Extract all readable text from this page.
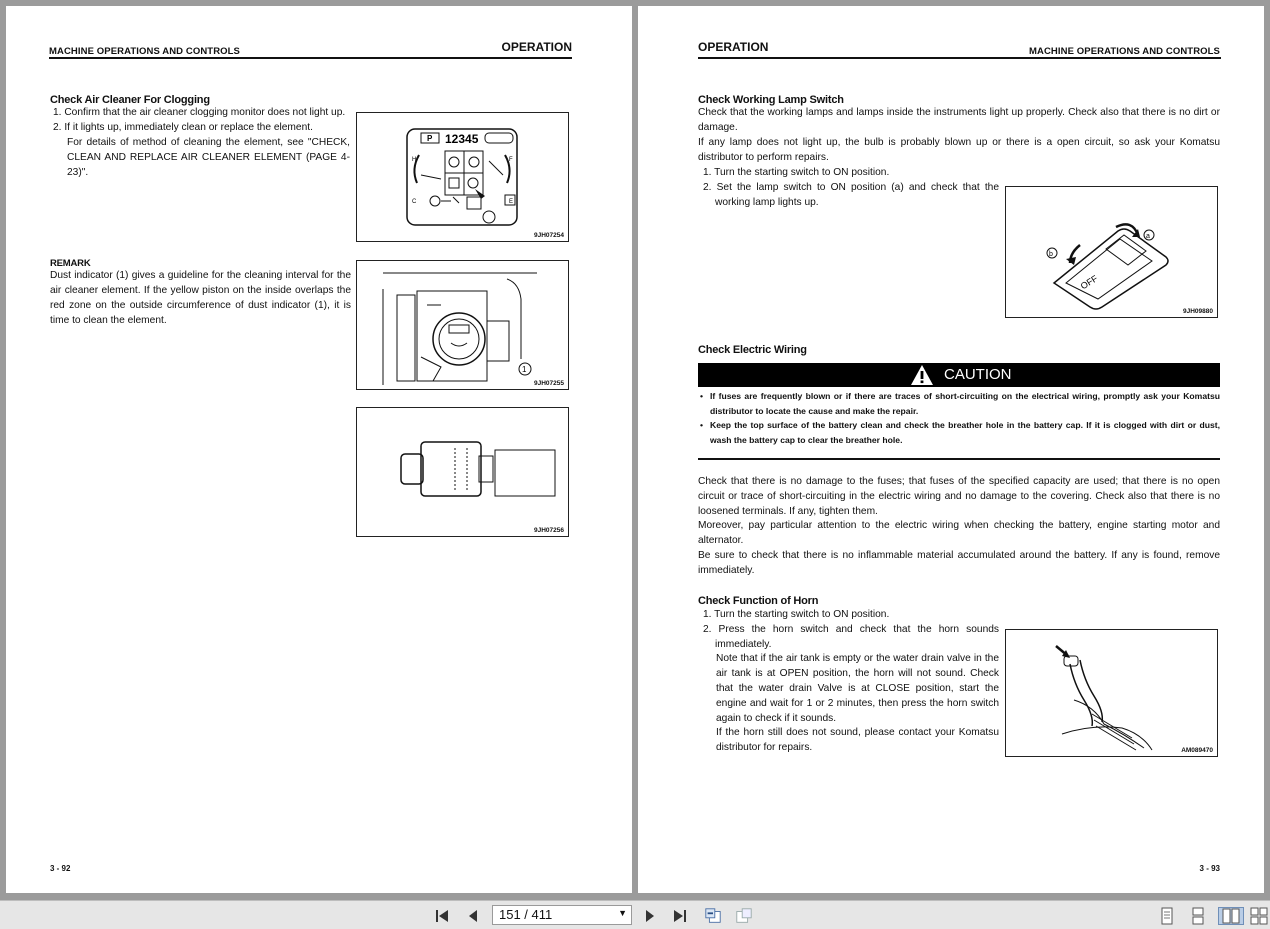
MACHINE OPERATIONS AND CONTROLS	OPERATION
Check Air Cleaner For Clogging
1. Confirm that the air cleaner clogging monitor does not light up.
2. If it lights up, immediately clean or replace the element.
For details of method of cleaning the element, see "CHECK, CLEAN AND REPLACE AIR CLEANER ELEMENT (PAGE 4-23)".
P 12345
H
C
F
E
9JH07254
REMARK
Dust indicator (1) gives a guideline for the cleaning interval for the air cleaner element. If the yellow piston on the inside overlaps the red zone on the outside circumference of dust indicator (1), it is time to clean the element.
1
9JH07255
9JH07256
3 - 92
OPERATION	MACHINE OPERATIONS AND CONTROLS
Check Working Lamp Switch
Check that the working lamps and lamps inside the instruments light up properly. Check also that there is no dirt or damage.
If any lamp does not light up, the bulb is probably blown up or there is a open circuit, so ask your Komatsu distributor to perform repairs.
1. Turn the starting switch to ON position.
2. Set the lamp switch to ON position (a) and check that the working lamp lights up.
OFF
a
b
9JH09880
Check Electric Wiring
CAUTION
• If fuses are frequently blown or if there are traces of short-circuiting on the electrical wiring, promptly ask your Komatsu distributor to locate the cause and make the repair.
• Keep the top surface of the battery clean and check the breather hole in the battery cap. If it is clogged with dirt or dust, wash the battery cap to clear the breather hole.
Check that there is no damage to the fuses; that fuses of the specified capacity are used; that there is no open circuit or trace of short-circuiting in the electric wiring and no damage to the covering. Check also that there is no loosened terminals. If any, tighten them.
Moreover, pay particular attention to the electric wiring when checking the battery, engine starting motor and alternator.
Be sure to check that there is no inflammable material accumulated around the battery. If any is found, remove immediately.
Check Function of Horn
1. Turn the starting switch to ON position.
2. Press the horn switch and check that the horn sounds immediately.
Note that if the air tank is empty or the water drain valve in the air tank is at OPEN position, the horn will not sound. Check that the water drain Valve is at CLOSE position, start the engine and wait for 1 or 2 minutes, then press the horn switch again to check if it sounds.
If the horn still does not sound, please contact your Komatsu distributor for repairs.	AM089470
3 - 93
151 / 411	▼
